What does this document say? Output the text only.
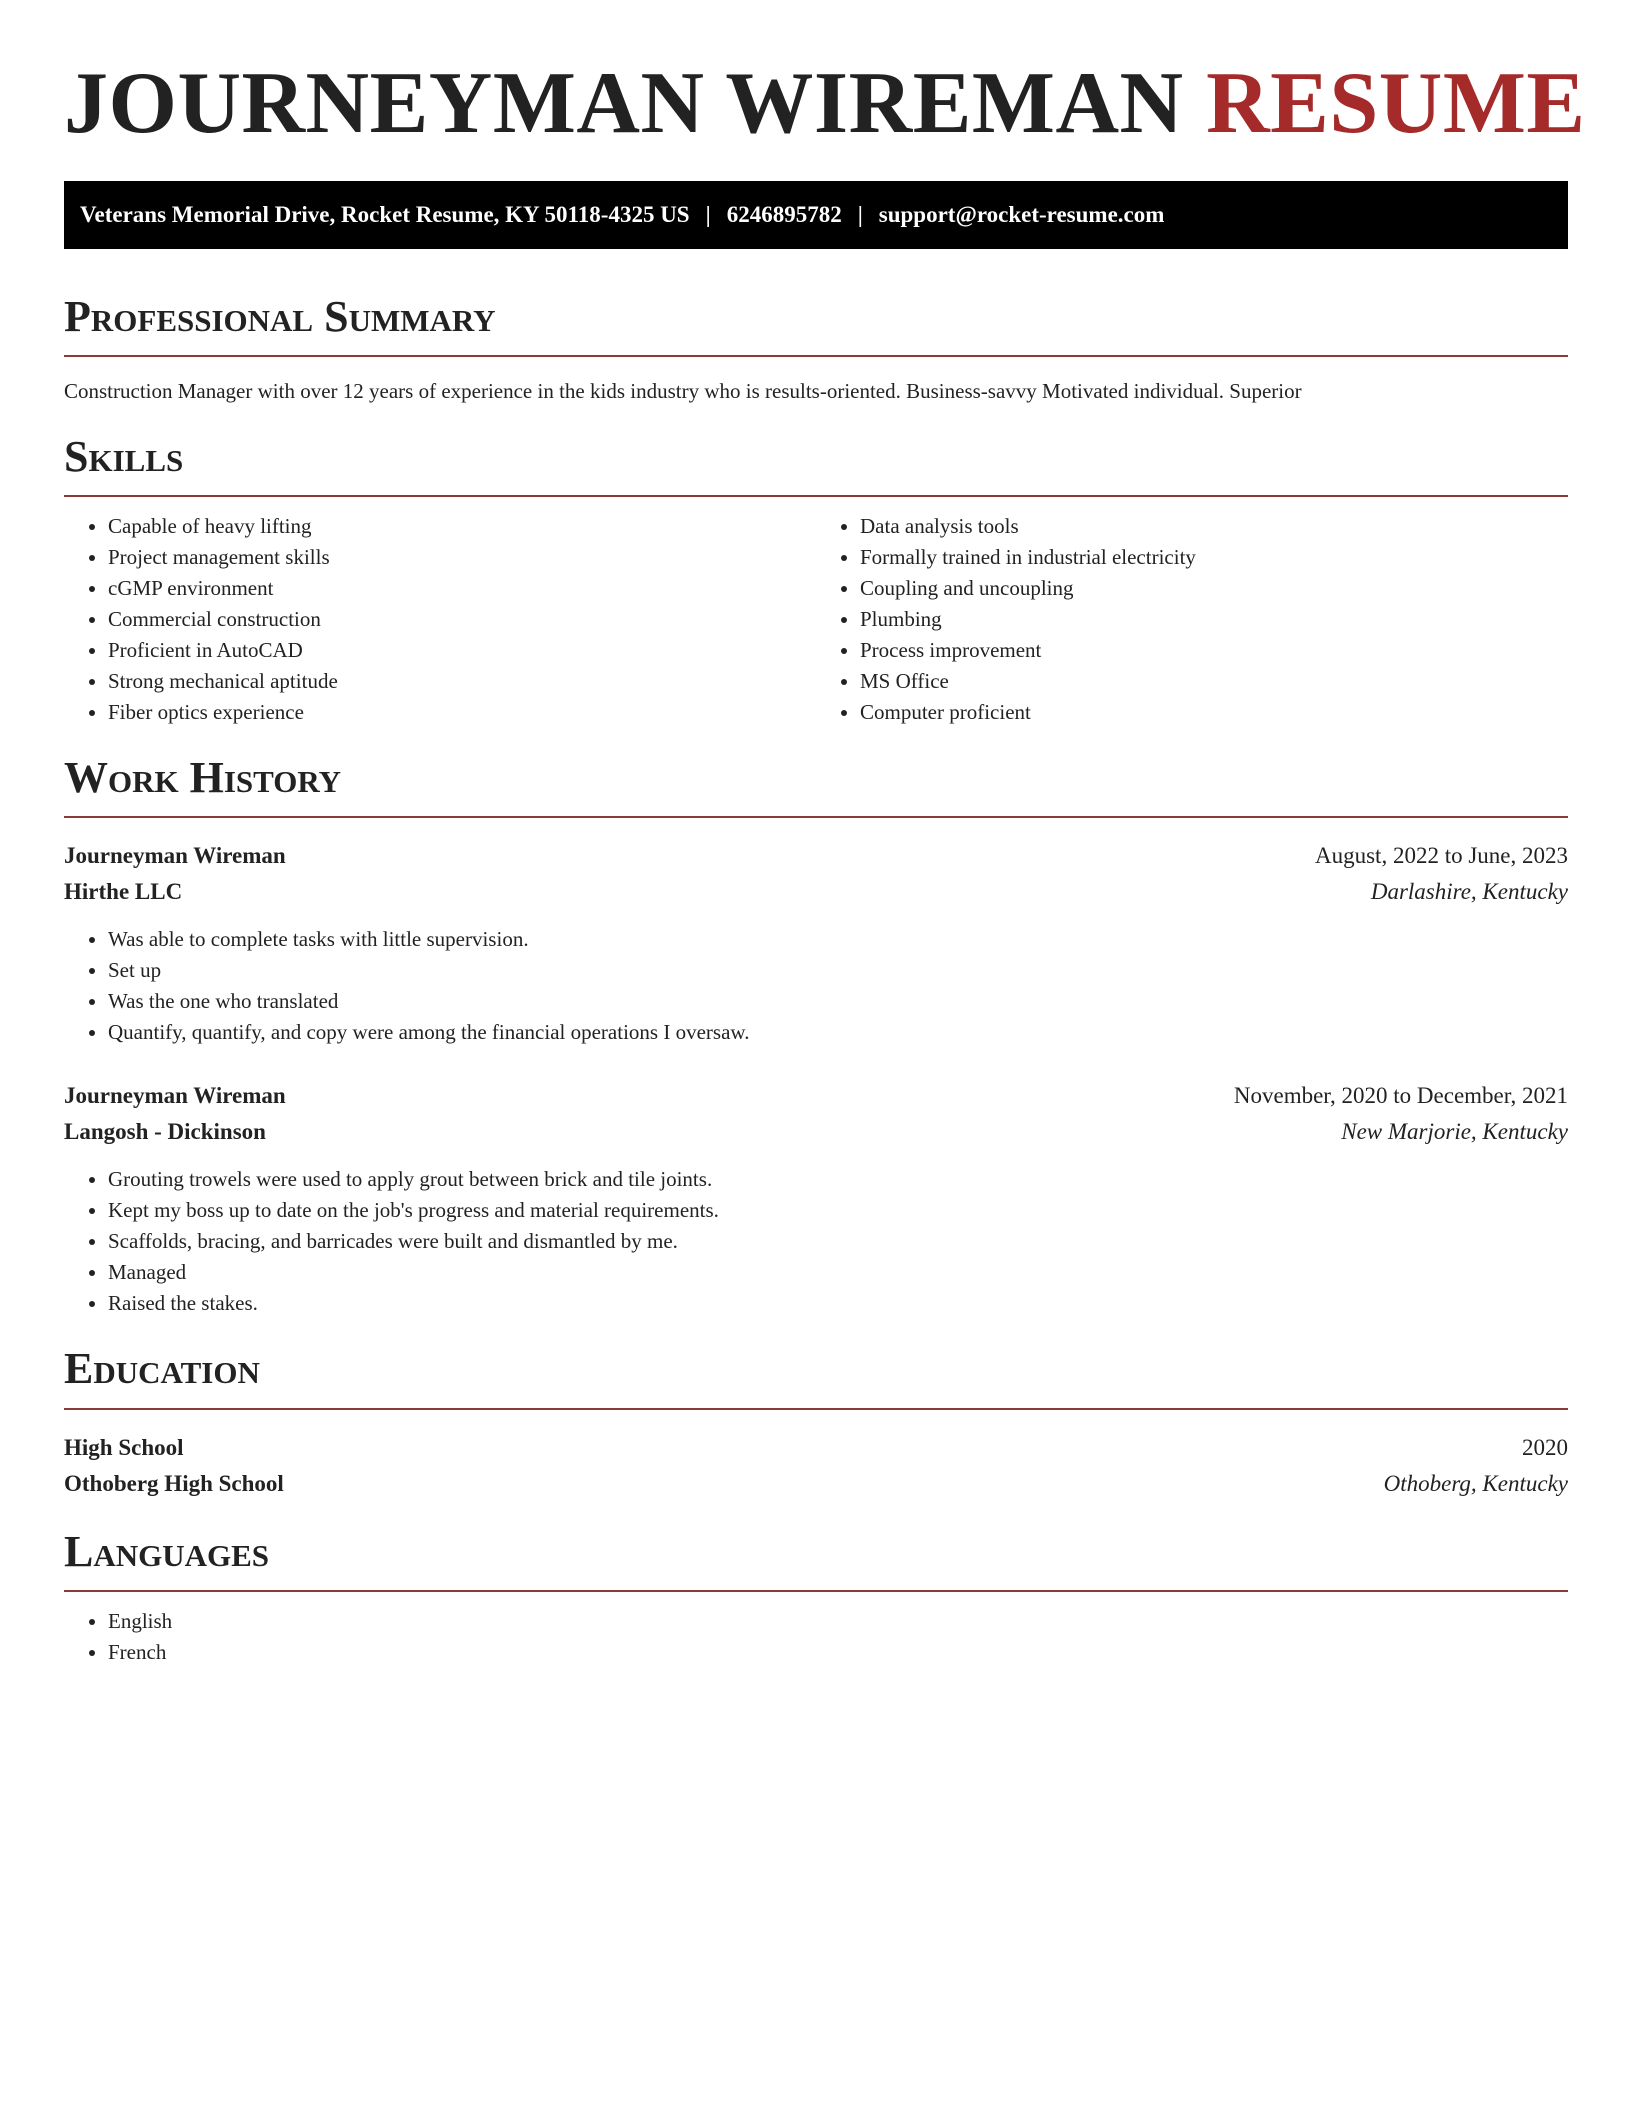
JOURNEYMAN WIREMAN RESUME
Veterans Memorial Drive, Rocket Resume, KY 50118-4325 US | 6246895782 | support@rocket-resume.com
Professional Summary

Construction Manager with over 12 years of experience in the kids industry who is results-oriented. Business-savvy Motivated individual. Superior

Skills
• Capable of heavy lifting
• Project management skills
• cGMP environment
• Commercial construction
• Proficient in AutoCAD
• Strong mechanical aptitude
• Fiber optics experience
• Data analysis tools
• Formally trained in industrial electricity
• Coupling and uncoupling
• Plumbing
• Process improvement
• MS Office
• Computer proficient
Work History
Journeyman Wireman	August, 2022 to June, 2023
Hirthe LLC	Darlashire, Kentucky
• Was able to complete tasks with little supervision.
• Set up
• Was the one who translated
• Quantify, quantify, and copy were among the financial operations I oversaw.
Journeyman Wireman	November, 2020 to December, 2021
Langosh - Dickinson	New Marjorie, Kentucky
• Grouting trowels were used to apply grout between brick and tile joints.
• Kept my boss up to date on the job's progress and material requirements.
• Scaffolds, bracing, and barricades were built and dismantled by me.
• Managed
• Raised the stakes.
Education
High School	2020
Othoberg High School	Othoberg, Kentucky
Languages
• English
• French
